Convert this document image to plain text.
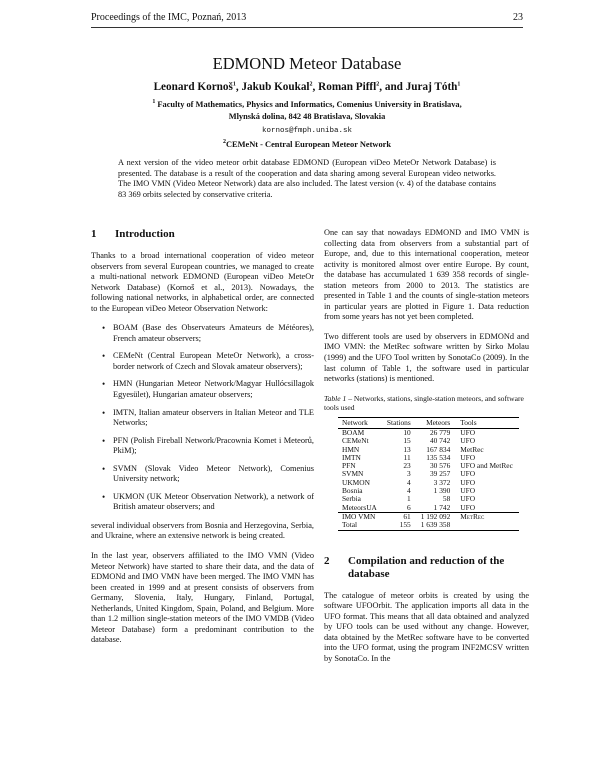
Proceedings of the IMC, Poznań, 2013	23
EDMOND Meteor Database
Leonard Kornoš$^1$, Jakub Koukal$^2$, Roman Piffl$^2$, and Juraj Tóth$^1$
$^1$ Faculty of Mathematics, Physics and Informatics, Comenius University in Bratislava,
Mlynská dolina, 842 48 Bratislava, Slovakia
kornos@fmph.uniba.sk
$^2$CEMeNt - Central European Meteor Network
A next version of the video meteor orbit database EDMOND (European viDeo MeteOr Network Database) is presented. The database is a result of the cooperation and data sharing among several European video networks. The IMO VMN (Video Meteor Network) data are also included. The latest version (v. 4) of the database contains 83 369 orbits selected by conservative criteria.
1	Introduction

Thanks to a broad international cooperation of video meteor observers from several European countries, we managed to create a multi-national network EDMOND (European viDeo MeteOr Network Database) (Kornoš et al., 2013). Nowadays, the following national networks, in alphabetical order, are connected to the European viDeo Meteor Observation Network:

• BOAM (Base des Observateurs Amateurs de Météores), French amateur observers;
• CEMeNt (Central European MeteOr Network), a cross-border network of Czech and Slovak amateur observers);
• HMN (Hungarian Meteor Network/Magyar Hullócsillagok Egyesület), Hungarian amateur observers;
• IMTN, Italian amateur observers in Italian Meteor and TLE Networks;
• PFN (Polish Fireball Network/Pracownia Komet i Meteorů, PkiM);
• SVMN (Slovak Video Meteor Network), Comenius University network;
• UKMON (UK Meteor Observation Network), a network of British amateur observers; and

several individual observers from Bosnia and Herzegovina, Serbia, and Ukraine, where an extensive network is being created.

In the last year, observers affiliated to the IMO VMN (Video Meteor Network) have started to share their data, and the data of EDMONd and IMO VMN have been merged. The IMO VMN has been created in 1999 and at present consists of observers from Germany, Slovenia, Italy, Hungary, Finland, Portugal, Netherlands, United Kingdom, Spain, Poland, and Belgium. More than 1.2 million single-station meteors of the IMO VMDB (Video Meteor Database) form a predominant contribution to the database.

One can say that nowadays EDMOND and IMO VMN is collecting data from observers from a substantial part of Europe, and, due to this international cooperation, meteor activity is monitored almost over entire Europe. By count, the database has accumulated 1 639 358 records of single-station meteors from 2000 to 2013. The statistics are presented in Table 1 and the counts of single-station meteors in particular years are plotted in Figure 1. Data reduction from some years has not yet been completed.

Two different tools are used by observers in EDMONd and IMO VMN: the MetRec software written by Sirko Molau (1999) and the UFO Tool written by SonotaCo (2009). In the last column of Table 1, the software used in particular networks (stations) is mentioned.

Table 1 – Networks, stations, single-station meteors, and software tools used
Network	Stations	Meteors	Tools
BOAM	10	26 779	UFO
CEMeNt	15	40 742	UFO
HMN	13	167 834	MetRec
IMTN	11	135 534	UFO
PFN	23	30 576	UFO and MetRec
SVMN	3	39 257	UFO
UKMON	4	3 372	UFO
Bosnia	4	1 390	UFO
Serbia	1	58	UFO
MeteorsUA	6	1 742	UFO
IMO VMN	61	1 192 092	MetRec
Total	155	1 639 358	
2	Compilation and reduction of the database

The catalogue of meteor orbits is created by using the software UFOOrbit. The application imports all data in the UFO format. This means that all data obtained and analyzed by UFO tools can be used without any change. However, data obtained by the MetRec software have to be converted into the UFO format, using the program INF2MCSV written by SonotaCo. In the
